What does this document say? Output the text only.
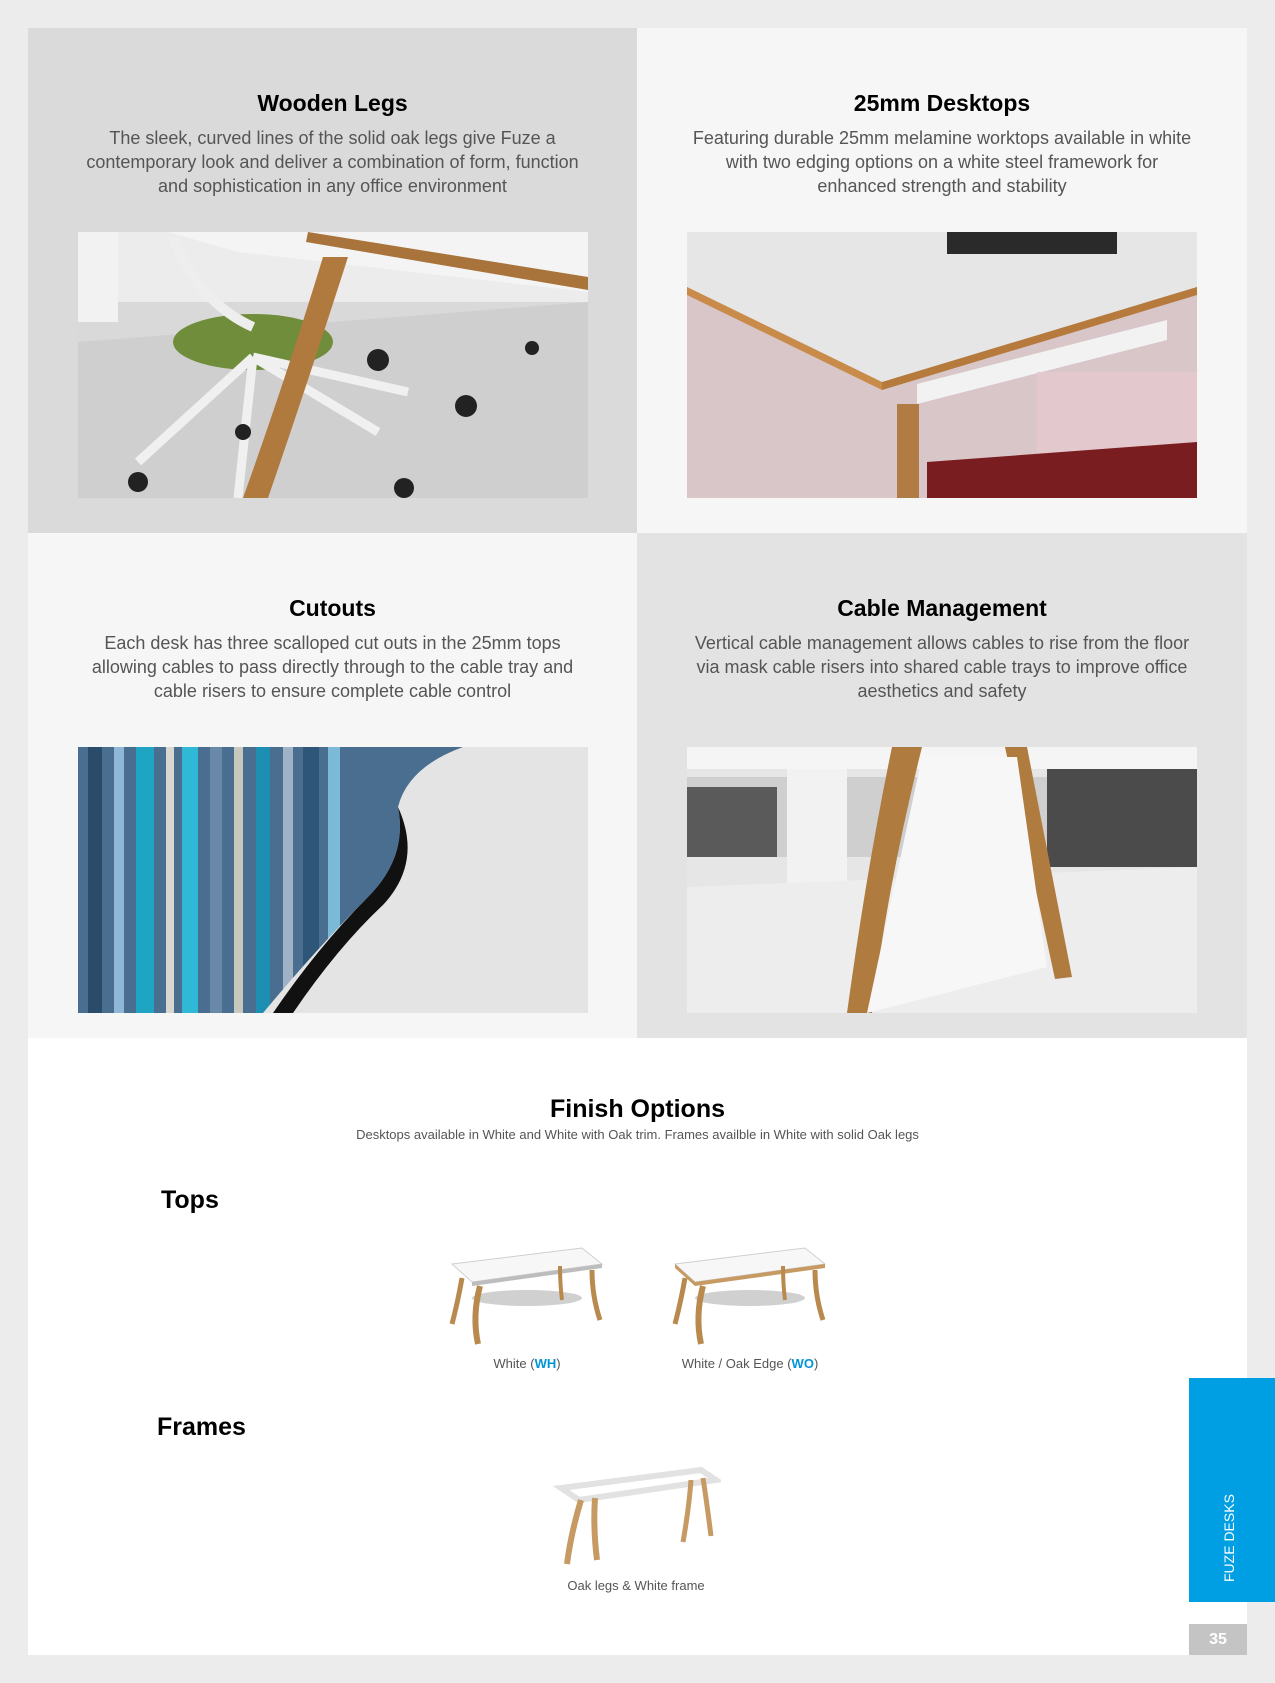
Wooden Legs

The sleek, curved lines of the solid oak legs give Fuze a contemporary look and deliver a combination of form, function and sophistication in any office environment

25mm Desktops

Featuring durable 25mm melamine worktops available in white with two edging options on a white steel framework for enhanced strength and stability

Cutouts

Each desk has three scalloped cut outs in the 25mm tops allowing cables to pass directly through to the cable tray and cable risers to ensure complete cable control

Cable Management

Vertical cable management allows cables to rise from the floor via mask cable risers into shared cable trays to improve office aesthetics and safety

Finish Options

Desktops available in White and White with Oak trim. Frames availble in White with solid Oak legs

Tops
White (WH)	White / Oak Edge (WO)
Frames
Oak legs & White frame
FUZE DESKS
35
